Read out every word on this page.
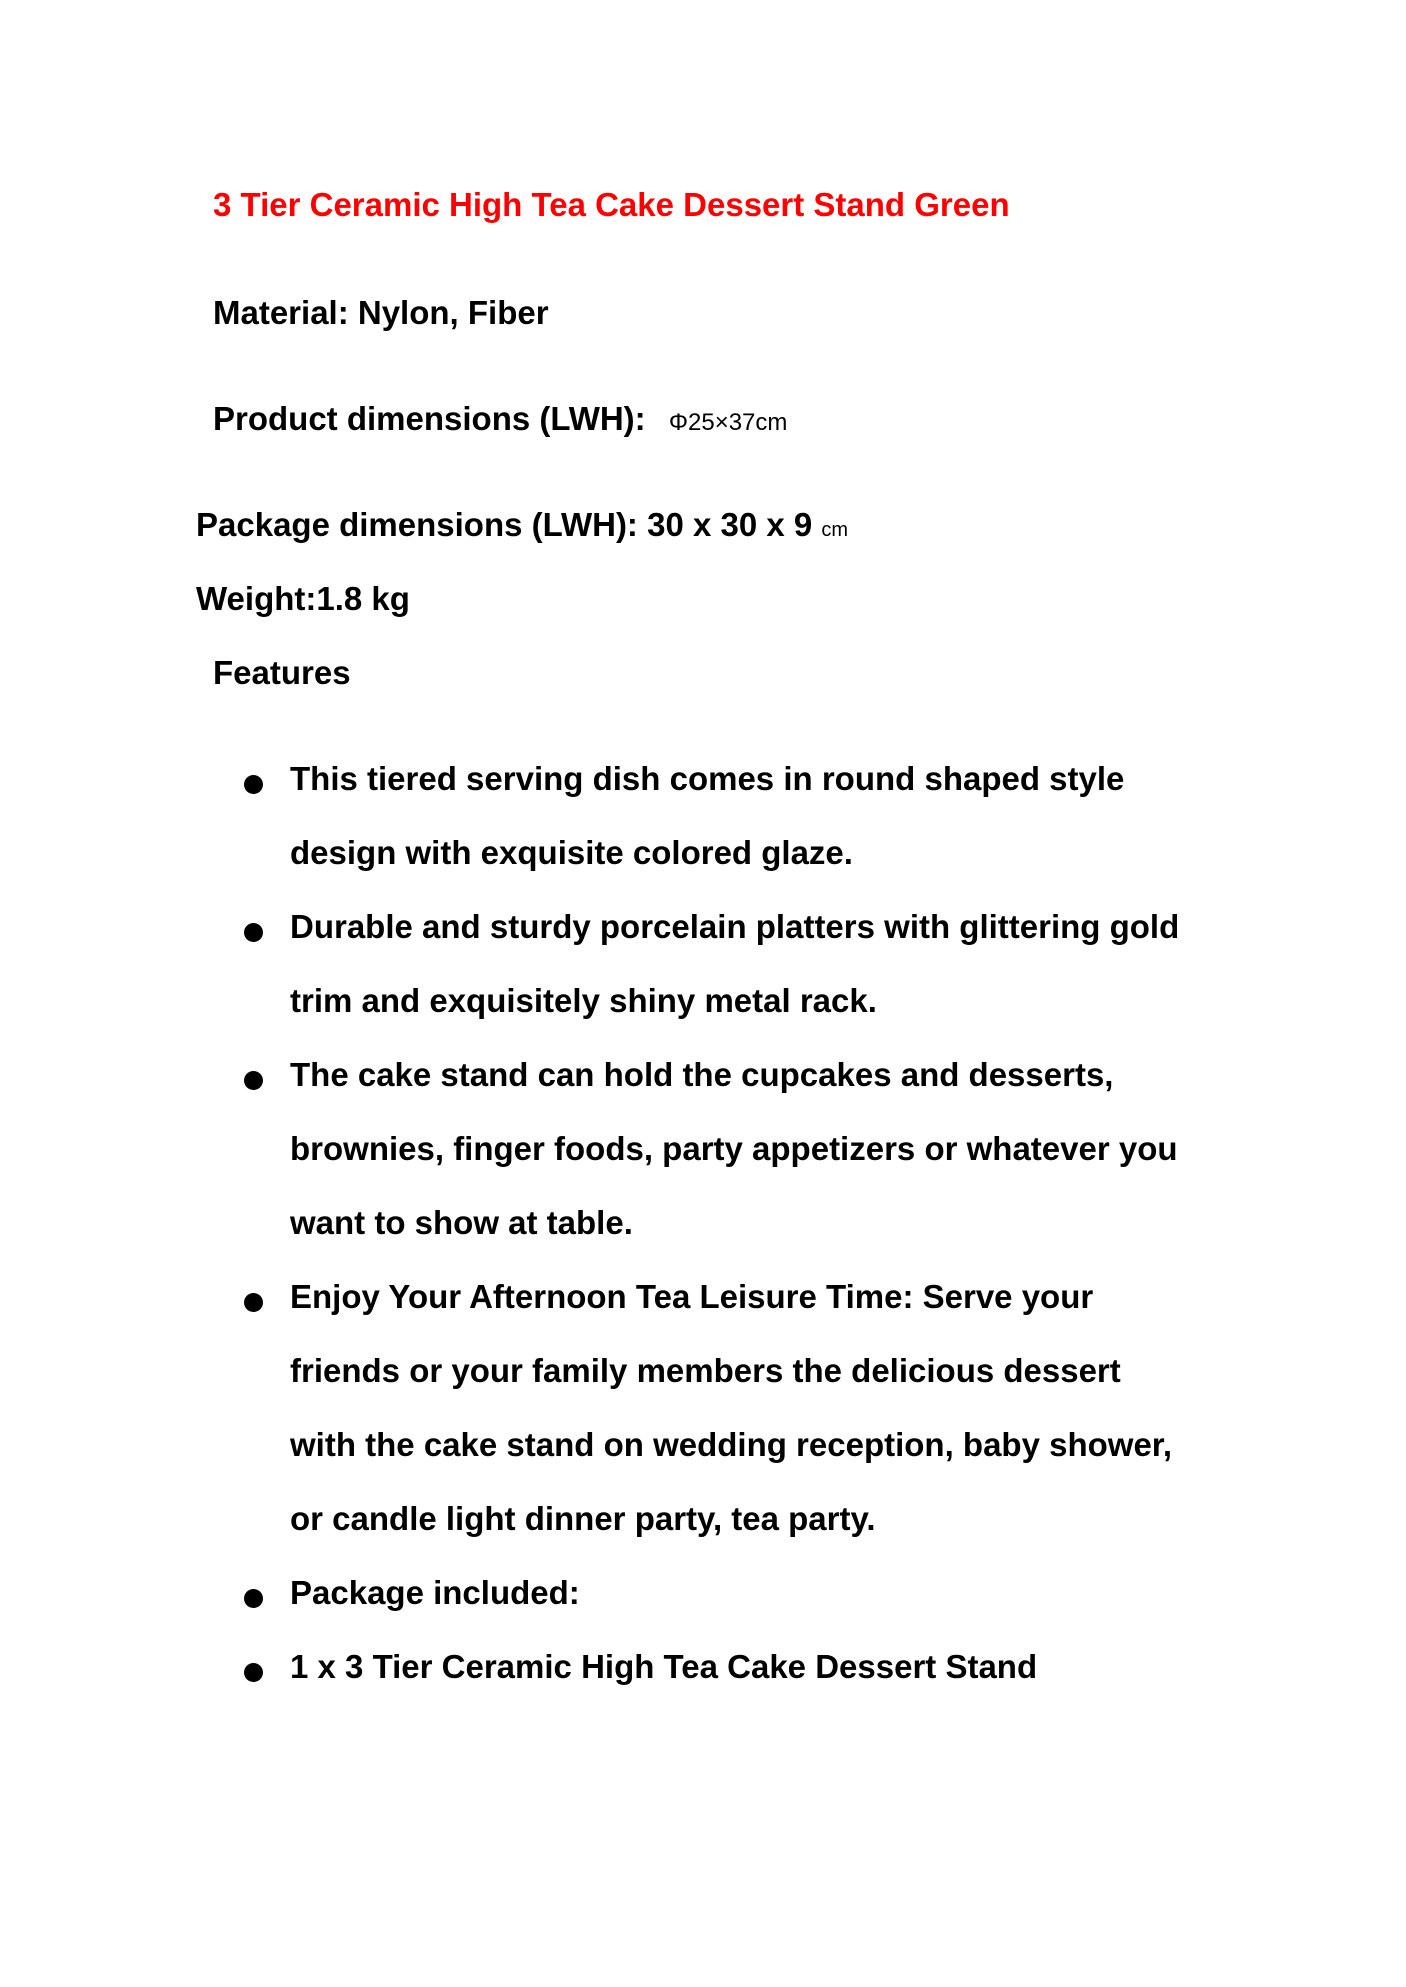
3 Tier Ceramic High Tea Cake Dessert Stand Green
Material: Nylon, Fiber
Product dimensions (LWH): Φ25×37cm
Package dimensions (LWH): 30 x 30 x 9 cm
Weight:1.8 kg
Features
This tiered serving dish comes in round shaped style
design with exquisite colored glaze.
Durable and sturdy porcelain platters with glittering gold
trim and exquisitely shiny metal rack.
The cake stand can hold the cupcakes and desserts,
brownies, finger foods, party appetizers or whatever you
want to show at table.
Enjoy Your Afternoon Tea Leisure Time: Serve your
friends or your family members the delicious dessert
with the cake stand on wedding reception, baby shower,
or candle light dinner party, tea party.
Package included:
1 x 3 Tier Ceramic High Tea Cake Dessert Stand
